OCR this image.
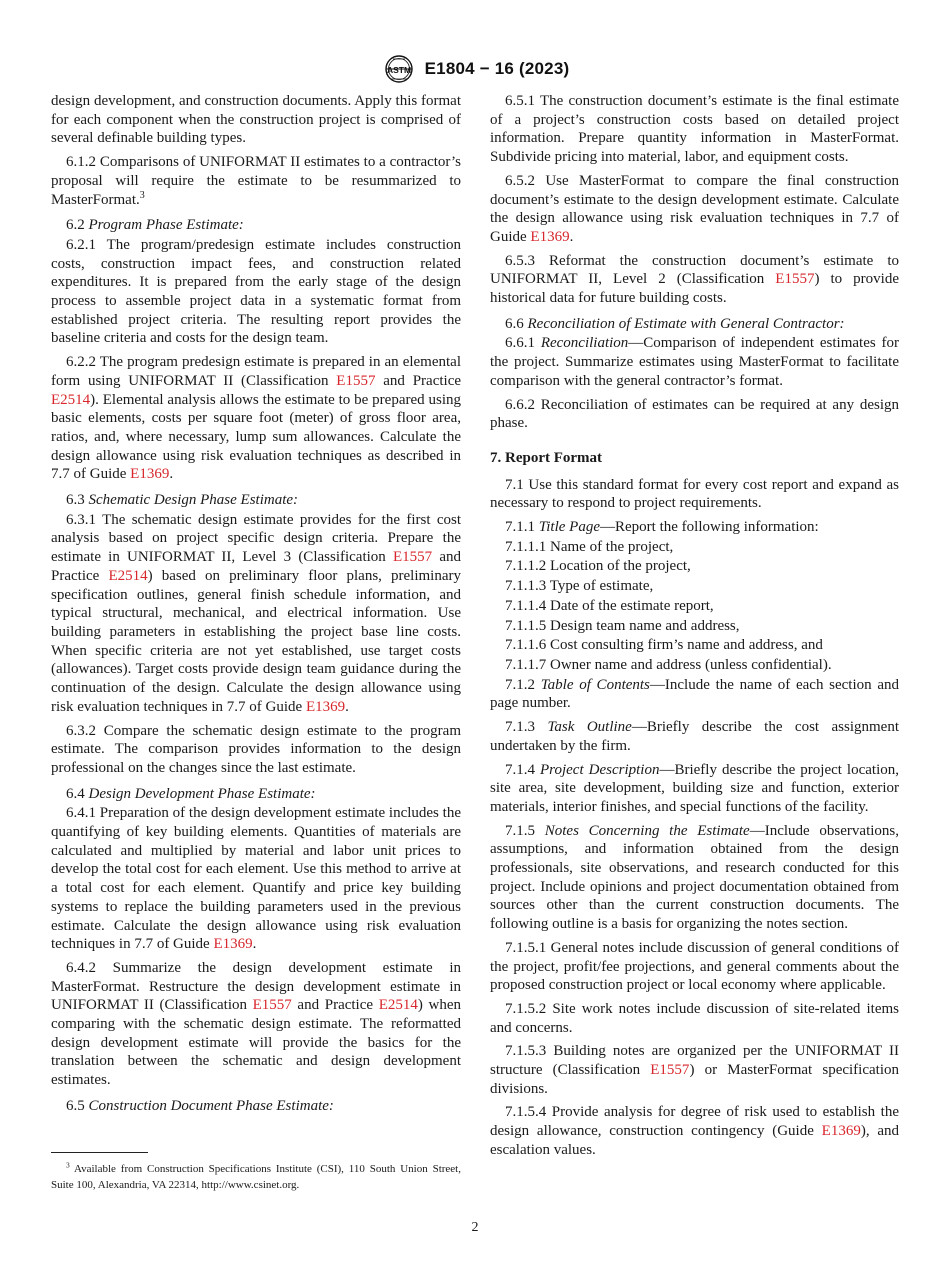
ASTM E1804 − 16 (2023)

design development, and construction documents. Apply this format for each component when the construction project is comprised of several definable building types.

6.1.2 Comparisons of UNIFORMAT II estimates to a contractor’s proposal will require the estimate to be resummarized to MasterFormat.$^3$

6.2 Program Phase Estimate:

6.2.1 The program/predesign estimate includes construction costs, construction impact fees, and construction related expenditures. It is prepared from the early stage of the design process to assemble project data in a systematic format from established project criteria. The resulting report provides the baseline criteria and costs for the design team.

6.2.2 The program predesign estimate is prepared in an elemental form using UNIFORMAT II (Classification E1557 and Practice E2514). Elemental analysis allows the estimate to be prepared using basic elements, costs per square foot (meter) of gross floor area, ratios, and, where necessary, lump sum allowances. Calculate the design allowance using risk evaluation techniques as described in 7.7 of Guide E1369.

6.3 Schematic Design Phase Estimate:

6.3.1 The schematic design estimate provides for the first cost analysis based on project specific design criteria. Prepare the estimate in UNIFORMAT II, Level 3 (Classification E1557 and Practice E2514) based on preliminary floor plans, preliminary specification outlines, general finish schedule information, and typical structural, mechanical, and electrical information. Use building parameters in establishing the project base line costs. When specific criteria are not yet established, use target costs (allowances). Target costs provide design team guidance during the continuation of the design. Calculate the design allowance using risk evaluation techniques in 7.7 of Guide E1369.

6.3.2 Compare the schematic design estimate to the program estimate. The comparison provides information to the design professional on the changes since the last estimate.

6.4 Design Development Phase Estimate:

6.4.1 Preparation of the design development estimate includes the quantifying of key building elements. Quantities of materials are calculated and multiplied by material and labor unit prices to develop the total cost for each element. Use this method to arrive at a total cost for each element. Quantify and price key building systems to replace the building parameters used in the previous estimate. Calculate the design allowance using risk evaluation techniques in 7.7 of Guide E1369.

6.4.2 Summarize the design development estimate in MasterFormat. Restructure the design development estimate in UNIFORMAT II (Classification E1557 and Practice E2514) when comparing with the schematic design estimate. The reformatted design development estimate will provide the basics for the translation between the schematic and design development estimates.

6.5 Construction Document Phase Estimate:

6.5.1 The construction document’s estimate is the final estimate of a project’s construction costs based on detailed project information. Prepare quantity information in MasterFormat. Subdivide pricing into material, labor, and equipment costs.

6.5.2 Use MasterFormat to compare the final construction document’s estimate to the design development estimate. Calculate the design allowance using risk evaluation techniques in 7.7 of Guide E1369.

6.5.3 Reformat the construction document’s estimate to UNIFORMAT II, Level 2 (Classification E1557) to provide historical data for future building costs.

6.6 Reconciliation of Estimate with General Contractor:

6.6.1 Reconciliation—Comparison of independent estimates for the project. Summarize estimates using MasterFormat to facilitate comparison with the general contractor’s format.

6.6.2 Reconciliation of estimates can be required at any design phase.

7. Report Format

7.1 Use this standard format for every cost report and expand as necessary to respond to project requirements.

7.1.1 Title Page—Report the following information:

7.1.1.1 Name of the project,

7.1.1.2 Location of the project,

7.1.1.3 Type of estimate,

7.1.1.4 Date of the estimate report,

7.1.1.5 Design team name and address,

7.1.1.6 Cost consulting firm’s name and address, and

7.1.1.7 Owner name and address (unless confidential).

7.1.2 Table of Contents—Include the name of each section and page number.

7.1.3 Task Outline—Briefly describe the cost assignment undertaken by the firm.

7.1.4 Project Description—Briefly describe the project location, site area, site development, building size and function, exterior materials, interior finishes, and special functions of the facility.

7.1.5 Notes Concerning the Estimate—Include observations, assumptions, and information obtained from the design professionals, site observations, and research conducted for this project. Include opinions and project documentation obtained from sources other than the current construction documents. The following outline is a basis for organizing the notes section.

7.1.5.1 General notes include discussion of general conditions of the project, profit/fee projections, and general comments about the proposed construction project or local economy where applicable.

7.1.5.2 Site work notes include discussion of site-related items and concerns.

7.1.5.3 Building notes are organized per the UNIFORMAT II structure (Classification E1557) or MasterFormat specification divisions.

7.1.5.4 Provide analysis for degree of risk used to establish the design allowance, construction contingency (Guide E1369), and escalation values.

$^3$ Available from Construction Specifications Institute (CSI), 110 South Union Street, Suite 100, Alexandria, VA 22314, http://www.csinet.org.

2
